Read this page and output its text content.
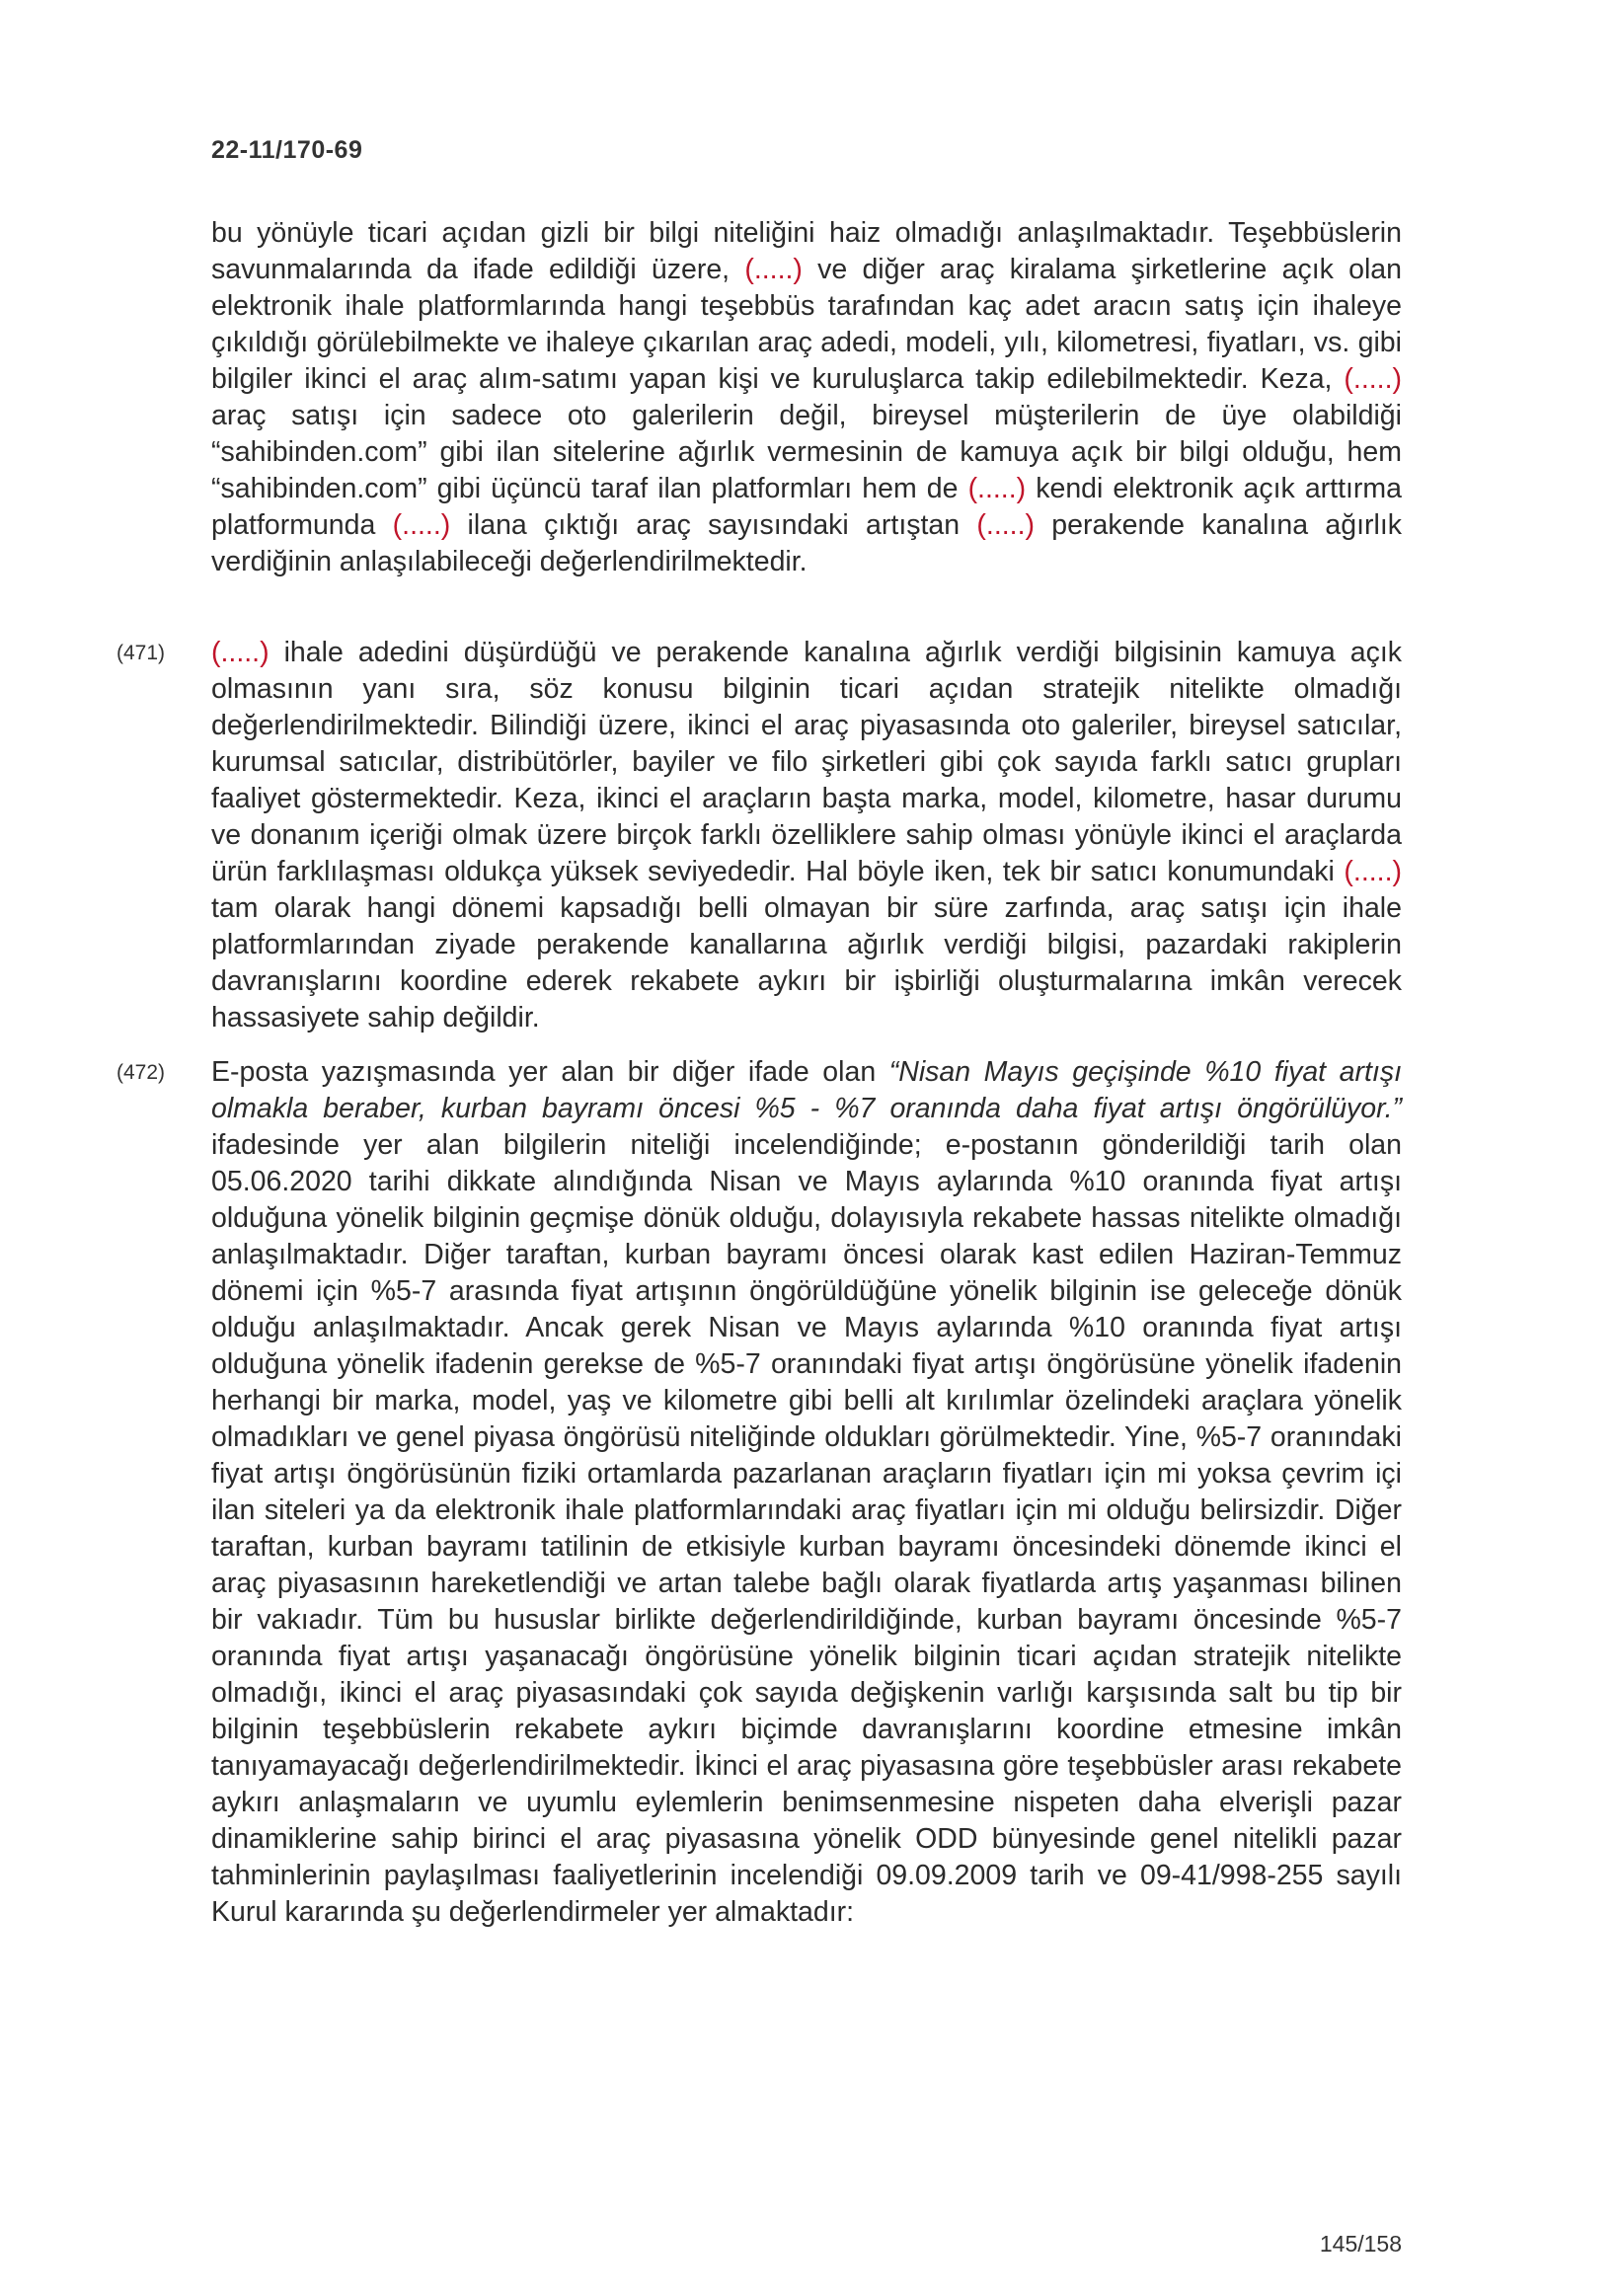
22-11/170-69
bu yönüyle ticari açıdan gizli bir bilgi niteliğini haiz olmadığı anlaşılmaktadır. Teşebbüslerin savunmalarında da ifade edildiği üzere, (.....) ve diğer araç kiralama şirketlerine açık olan elektronik ihale platformlarında hangi teşebbüs tarafından kaç adet aracın satış için ihaleye çıkıldığı görülebilmekte ve ihaleye çıkarılan araç adedi, modeli, yılı, kilometresi, fiyatları, vs. gibi bilgiler ikinci el araç alım-satımı yapan kişi ve kuruluşlarca takip edilebilmektedir. Keza, (.....) araç satışı için sadece oto galerilerin değil, bireysel müşterilerin de üye olabildiği “sahibinden.com” gibi ilan sitelerine ağırlık vermesinin de kamuya açık bir bilgi olduğu, hem “sahibinden.com” gibi üçüncü taraf ilan platformları hem de (.....) kendi elektronik açık arttırma platformunda (.....) ilana çıktığı araç sayısındaki artıştan (.....) perakende kanalına ağırlık verdiğinin anlaşılabileceği değerlendirilmektedir.
(471) (.....) ihale adedini düşürdüğü ve perakende kanalına ağırlık verdiği bilgisinin kamuya açık olmasının yanı sıra, söz konusu bilginin ticari açıdan stratejik nitelikte olmadığı değerlendirilmektedir. Bilindiği üzere, ikinci el araç piyasasında oto galeriler, bireysel satıcılar, kurumsal satıcılar, distribütörler, bayiler ve filo şirketleri gibi çok sayıda farklı satıcı grupları faaliyet göstermektedir. Keza, ikinci el araçların başta marka, model, kilometre, hasar durumu ve donanım içeriği olmak üzere birçok farklı özelliklere sahip olması yönüyle ikinci el araçlarda ürün farklılaşması oldukça yüksek seviyededir. Hal böyle iken, tek bir satıcı konumundaki (.....) tam olarak hangi dönemi kapsadığı belli olmayan bir süre zarfında, araç satışı için ihale platformlarından ziyade perakende kanallarına ağırlık verdiği bilgisi, pazardaki rakiplerin davranışlarını koordine ederek rekabete aykırı bir işbirliği oluşturmalarına imkân verecek hassasiyete sahip değildir.
(472) E-posta yazışmasında yer alan bir diğer ifade olan “Nisan Mayıs geçişinde %10 fiyat artışı olmakla beraber, kurban bayramı öncesi %5 - %7 oranında daha fiyat artışı öngörülüyor.” ifadesinde yer alan bilgilerin niteliği incelendiğinde; e-postanın gönderildiği tarih olan 05.06.2020 tarihi dikkate alındığında Nisan ve Mayıs aylarında %10 oranında fiyat artışı olduğuna yönelik bilginin geçmişe dönük olduğu, dolayısıyla rekabete hassas nitelikte olmadığı anlaşılmaktadır. Diğer taraftan, kurban bayramı öncesi olarak kast edilen Haziran-Temmuz dönemi için %5-7 arasında fiyat artışının öngörüldüğüne yönelik bilginin ise geleceğe dönük olduğu anlaşılmaktadır. Ancak gerek Nisan ve Mayıs aylarında %10 oranında fiyat artışı olduğuna yönelik ifadenin gerekse de %5-7 oranındaki fiyat artışı öngörüsüne yönelik ifadenin herhangi bir marka, model, yaş ve kilometre gibi belli alt kırılımlar özelindeki araçlara yönelik olmadıkları ve genel piyasa öngörüsü niteliğinde oldukları görülmektedir. Yine, %5-7 oranındaki fiyat artışı öngörüsünün fiziki ortamlarda pazarlanan araçların fiyatları için mi yoksa çevrim içi ilan siteleri ya da elektronik ihale platformlarındaki araç fiyatları için mi olduğu belirsizdir. Diğer taraftan, kurban bayramı tatilinin de etkisiyle kurban bayramı öncesindeki dönemde ikinci el araç piyasasının hareketlendiği ve artan talebe bağlı olarak fiyatlarda artış yaşanması bilinen bir vakıadır. Tüm bu hususlar birlikte değerlendirildiğinde, kurban bayramı öncesinde %5-7 oranında fiyat artışı yaşanacağı öngörüsüne yönelik bilginin ticari açıdan stratejik nitelikte olmadığı, ikinci el araç piyasasındaki çok sayıda değişkenin varlığı karşısında salt bu tip bir bilginin teşebbüslerin rekabete aykırı biçimde davranışlarını koordine etmesine imkân tanıyamayacağı değerlendirilmektedir. İkinci el araç piyasasına göre teşebbüsler arası rekabete aykırı anlaşmaların ve uyumlu eylemlerin benimsenmesine nispeten daha elverişli pazar dinamiklerine sahip birinci el araç piyasasına yönelik ODD bünyesinde genel nitelikli pazar tahminlerinin paylaşılması faaliyetlerinin incelendiği 09.09.2009 tarih ve 09-41/998-255 sayılı Kurul kararında şu değerlendirmeler yer almaktadır:
145/158
